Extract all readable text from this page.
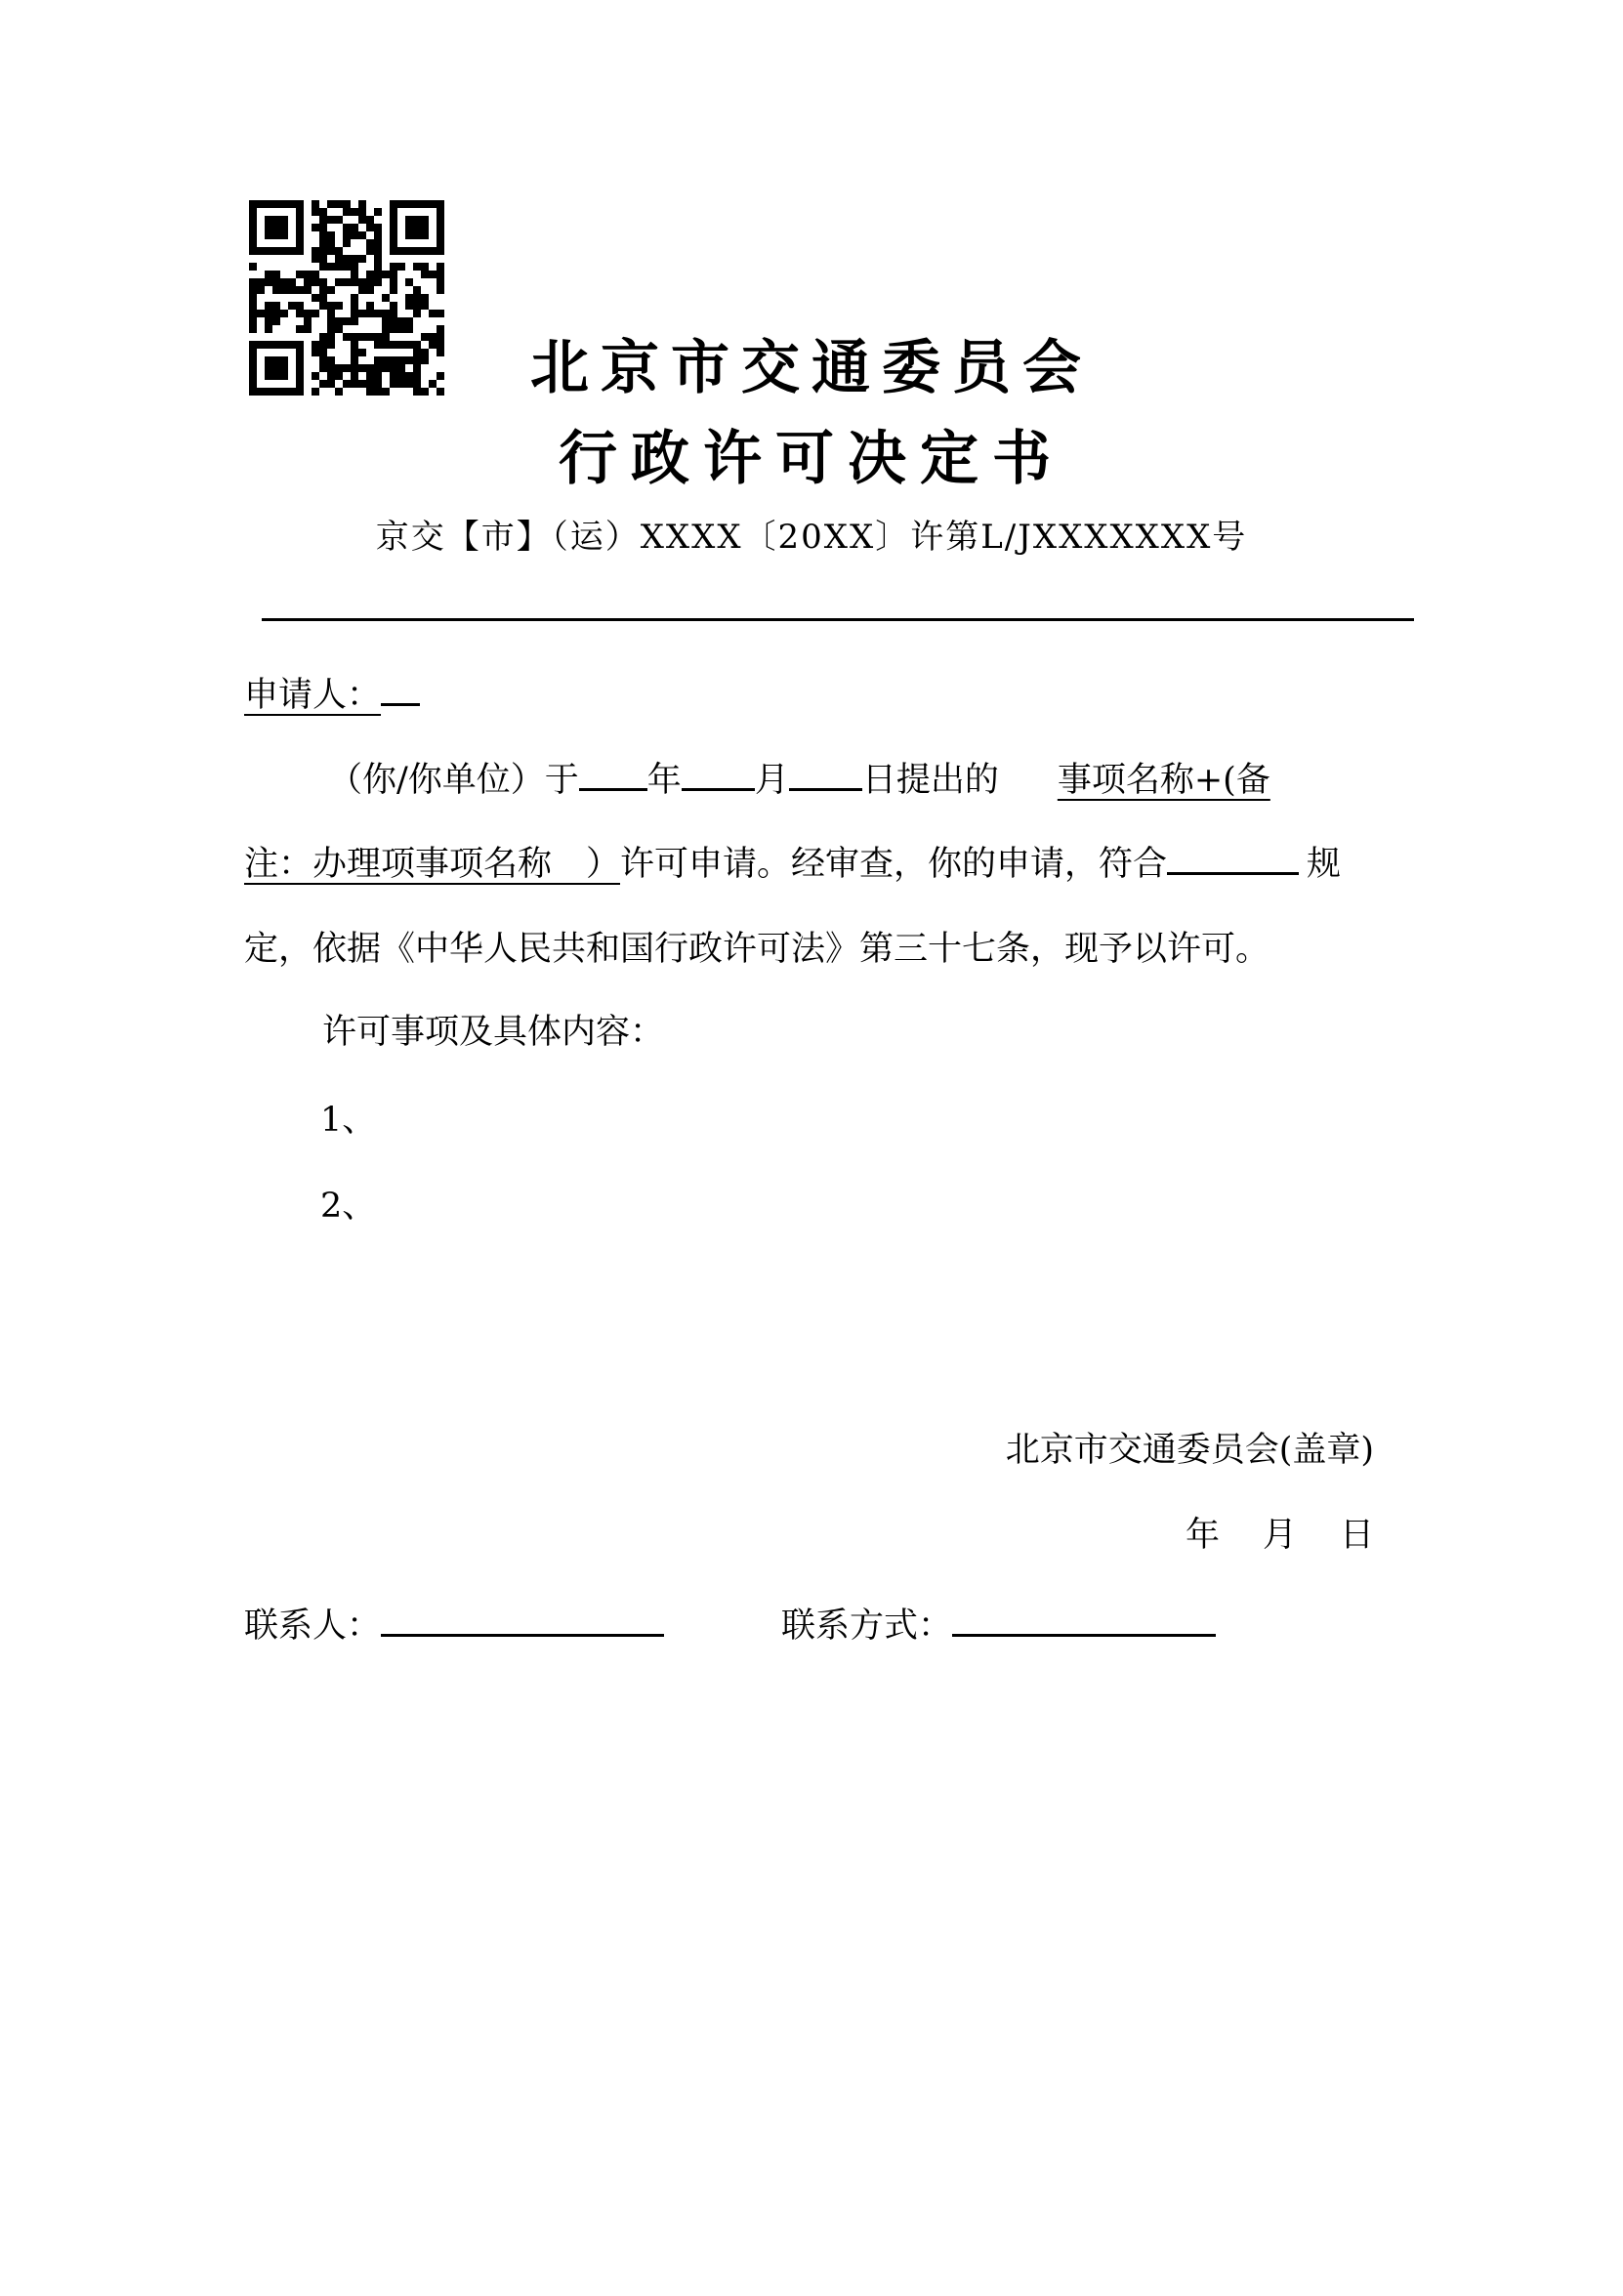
北京市交通委员会
行政许可决定书
京交【市】（运）XXXX〔20XX〕许第L/JXXXXXXX号
申请人：
（你/你单位）于 年 月 日提出的 事项名称+(备
注：办理项事项名称　）许可申请。经审查，你的申请，符合	规
定，依据《中华人民共和国行政许可法》第三十七条，现予以许可。
许可事项及具体内容：
1、
2、
北京市交通委员会(盖章)
年 月 日
联系人：	联系方式：
